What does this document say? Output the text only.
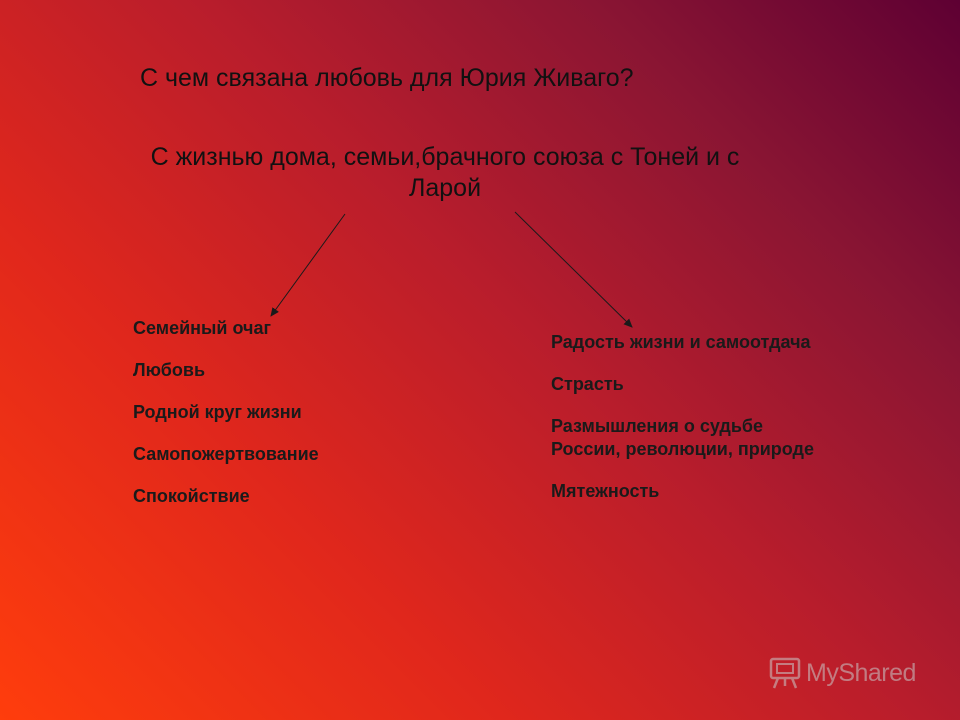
С чем связана любовь для Юрия Живаго?
С жизнью дома, семьи,брачного союза с Тоней и с Ларой
Семейный очаг
Любовь
Родной круг жизни
Самопожертвование
Спокойствие
Радость жизни и самоотдача
Страсть
Размышления о судьбе России, революции, природе
Мятежность
MyShared
